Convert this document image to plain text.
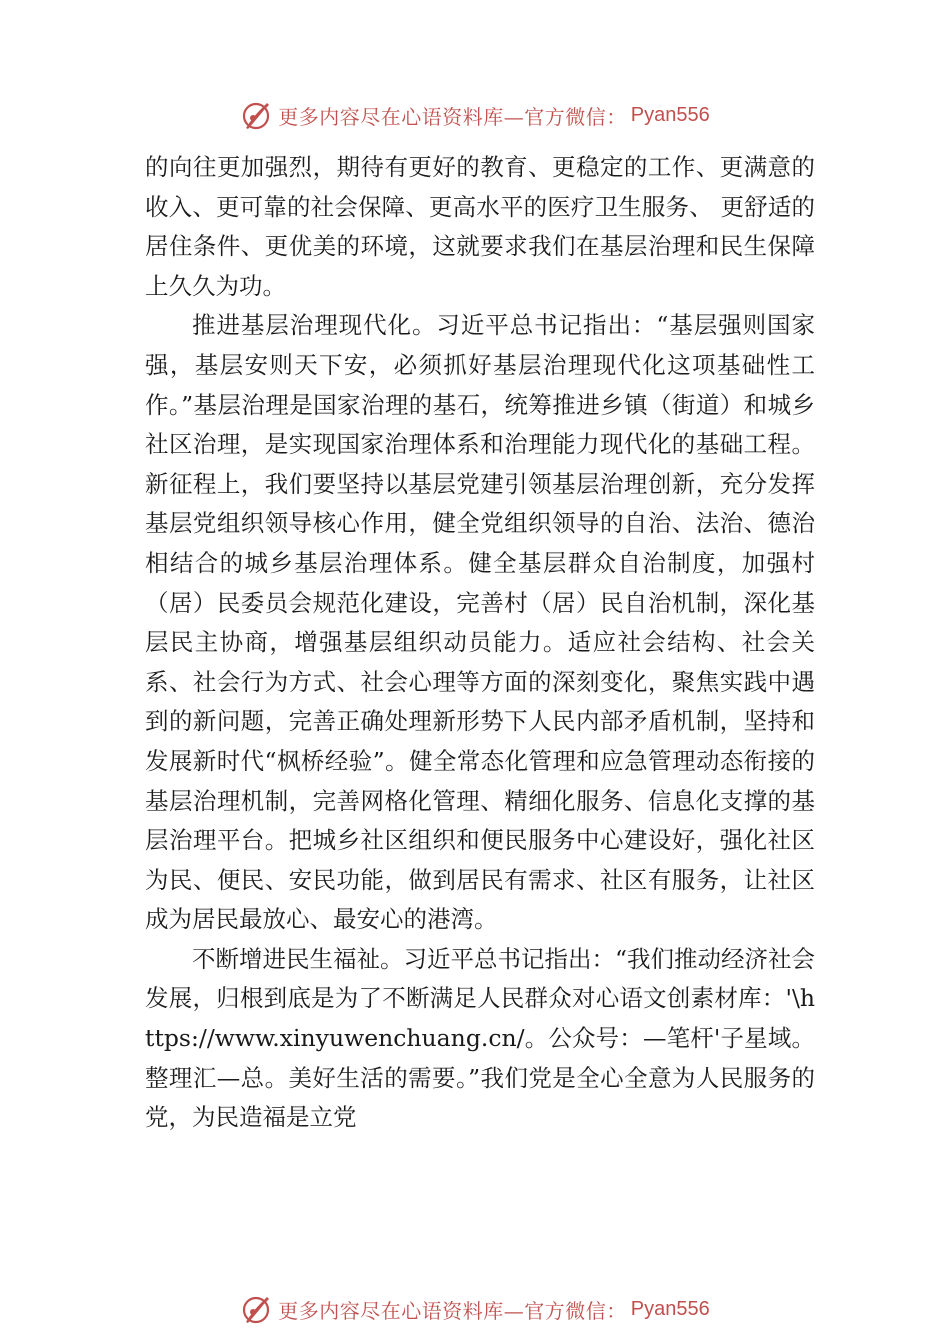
更多内容尽在心语资料库—官方微信： Pyan556

的向往更加强烈，期待有更好的教育、更稳定的工作、更满意的收入、更可靠的社会保障、更高水平的医疗卫生服务、 更舒适的居住条件、更优美的环境，这就要求我们在基层治理和民生保障上久久为功。

推进基层治理现代化。习近平总书记指出：“基层强则国家强，基层安则天下安，必须抓好基层治理现代化这项基础性工作。”基层治理是国家治理的基石，统筹推进乡镇（街道）和城乡社区治理，是实现国家治理体系和治理能力现代化的基础工程。新征程上，我们要坚持以基层党建引领基层治理创新，充分发挥基层党组织领导核心作用，健全党组织领导的自治、法治、德治相结合的城乡基层治理体系。健全基层群众自治制度，加强村（居）民委员会规范化建设，完善村（居）民自治机制，深化基层民主协商，增强基层组织动员能力。适应社会结构、社会关系、社会行为方式、社会心理等方面的深刻变化，聚焦实践中遇到的新问题，完善正确处理新形势下人民内部矛盾机制，坚持和发展新时代“枫桥经验”。健全常态化管理和应急管理动态衔接的基层治理机制，完善网格化管理、精细化服务、信息化支撑的基层治理平台。把城乡社区组织和便民服务中心建设好，强化社区为民、便民、安民功能，做到居民有需求、社区有服务，让社区成为居民最放心、最安心的港湾。

不断增进民生福祉。习近平总书记指出：“我们推动经济社会发展，归根到底是为了不断满足人民群众对心语文创素材库：'\https://www.xinyuwenchuang.cn/。公众号：—笔杆'子星域。整理汇—总。美好生活的需要。”我们党是全心全意为人民服务的党，为民造福是立党

更多内容尽在心语资料库—官方微信： Pyan556
